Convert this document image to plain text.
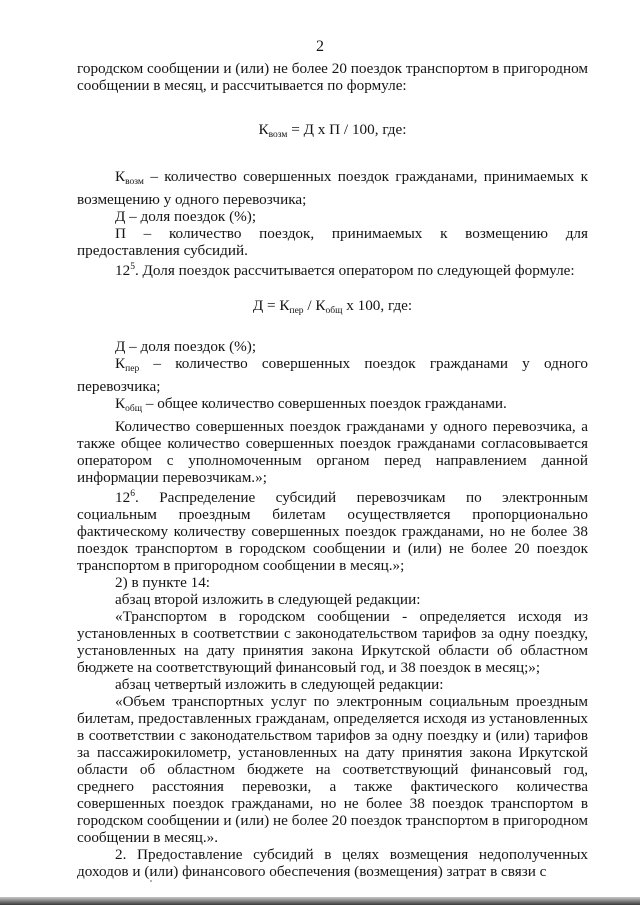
2

городском сообщении и (или) не более 20 поездок транспортом в пригородном сообщении в месяц, и рассчитывается по формуле:

$К_{возм} = Д$ х П / 100, где:

$К_{возм}$ – количество совершенных поездок гражданами, принимаемых к возмещению у одного перевозчика;

Д – доля поездок (%);

П – количество поездок, принимаемых к возмещению для предоставления субсидий.

$12^5$. Доля поездок рассчитывается оператором по следующей формуле:

$Д = К_{пер} / К_{общ}$ х 100, где:

Д – доля поездок (%);

$К_{пер}$ – количество совершенных поездок гражданами у одного перевозчика;

$К_{общ}$ – общее количество совершенных поездок гражданами.

Количество совершенных поездок гражданами у одного перевозчика, а также общее количество совершенных поездок гражданами согласовывается оператором с уполномоченным органом перед направлением данной информации перевозчикам.»;

$12^6$. Распределение субсидий перевозчикам по электронным социальным проездным билетам осуществляется пропорционально фактическому количеству совершенных поездок гражданами, но не более 38 поездок транспортом в городском сообщении и (или) не более 20 поездок транспортом в пригородном сообщении в месяц.»;

2) в пункте 14:

абзац второй изложить в следующей редакции:

«Транспортом в городском сообщении - определяется исходя из установленных в соответствии с законодательством тарифов за одну поездку, установленных на дату принятия закона Иркутской области об областном бюджете на соответствующий финансовый год, и 38 поездок в месяц;»;

абзац четвертый изложить в следующей редакции:

«Объем транспортных услуг по электронным социальным проездным билетам, предоставленных гражданам, определяется исходя из установленных в соответствии с законодательством тарифов за одну поездку и (или) тарифов за пассажирокилометр, установленных на дату принятия закона Иркутской области об областном бюджете на соответствующий финансовый год, среднего расстояния перевозки, а также фактического количества совершенных поездок гражданами, но не более 38 поездок транспортом в городском сообщении и (или) не более 20 поездок транспортом в пригородном сообщении в месяц.».

2. Предоставление субсидий в целях возмещения недополученных доходов и (или) финансового обеспечения (возмещения) затрат в связи с
